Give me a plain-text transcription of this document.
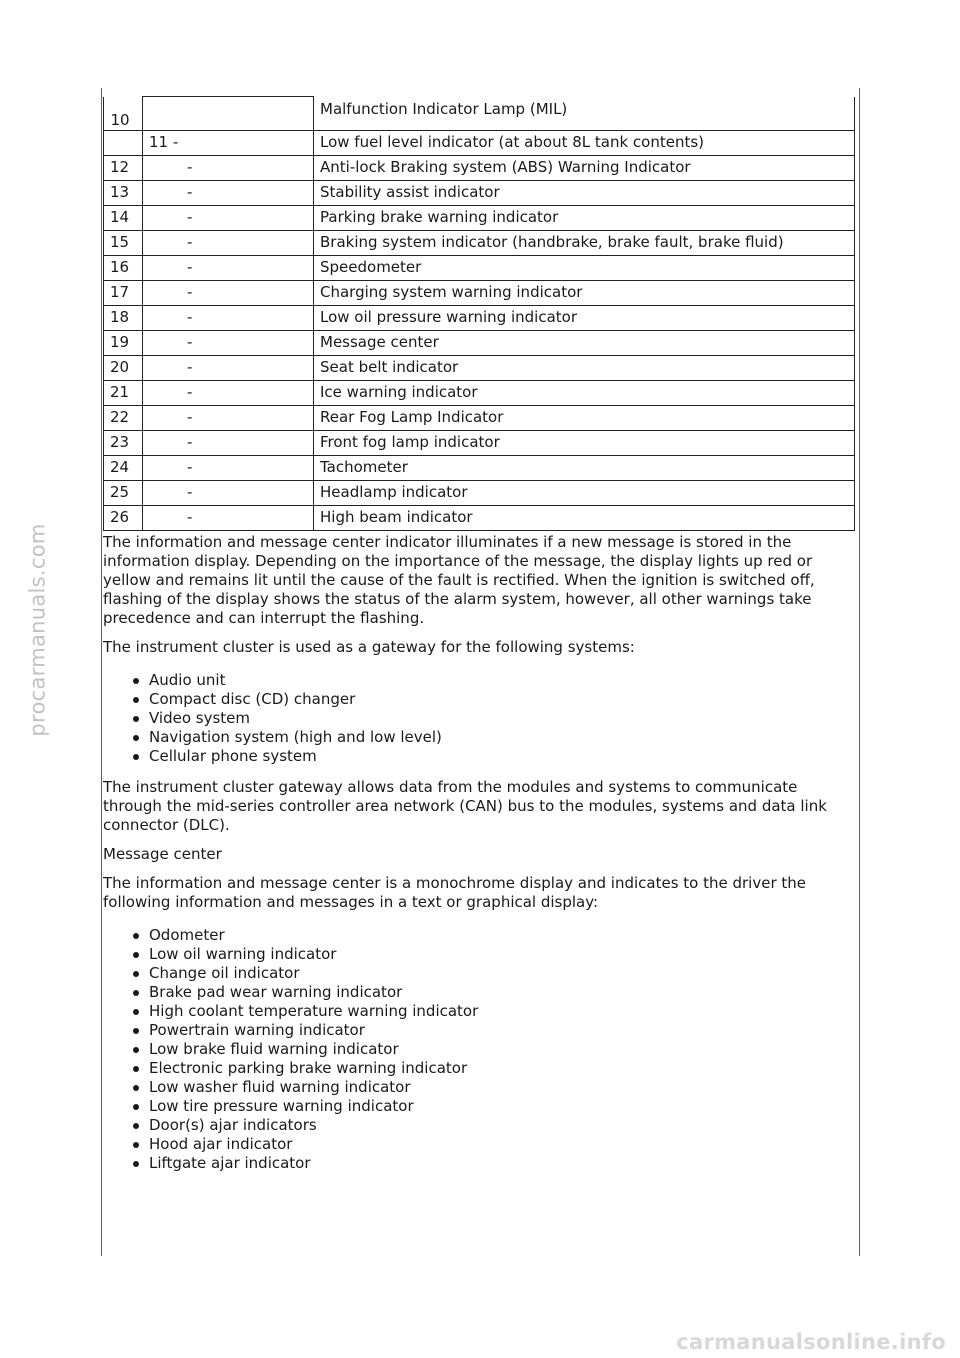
procarmanuals.com
carmanualsonline.info
10		Malfunction Indicator Lamp (MIL)
	11 -	Low fuel level indicator (at about 8L tank contents)
12	-	Anti-lock Braking system (ABS) Warning Indicator
13	-	Stability assist indicator
14	-	Parking brake warning indicator
15	-	Braking system indicator (handbrake, brake fault, brake fluid)
16	-	Speedometer
17	-	Charging system warning indicator
18	-	Low oil pressure warning indicator
19	-	Message center
20	-	Seat belt indicator
21	-	Ice warning indicator
22	-	Rear Fog Lamp Indicator
23	-	Front fog lamp indicator
24	-	Tachometer
25	-	Headlamp indicator
26	-	High beam indicator
The information and message center indicator illuminates if a new message is stored in the information display. Depending on the importance of the message, the display lights up red or yellow and remains lit until the cause of the fault is rectified. When the ignition is switched off, flashing of the display shows the status of the alarm system, however, all other warnings take precedence and can interrupt the flashing.
The instrument cluster is used as a gateway for the following systems:
Audio unit
Compact disc (CD) changer
Video system
Navigation system (high and low level)
Cellular phone system
The instrument cluster gateway allows data from the modules and systems to communicate through the mid-series controller area network (CAN) bus to the modules, systems and data link connector (DLC).
Message center
The information and message center is a monochrome display and indicates to the driver the following information and messages in a text or graphical display:
Odometer
Low oil warning indicator
Change oil indicator
Brake pad wear warning indicator
High coolant temperature warning indicator
Powertrain warning indicator
Low brake fluid warning indicator
Electronic parking brake warning indicator
Low washer fluid warning indicator
Low tire pressure warning indicator
Door(s) ajar indicators
Hood ajar indicator
Liftgate ajar indicator
